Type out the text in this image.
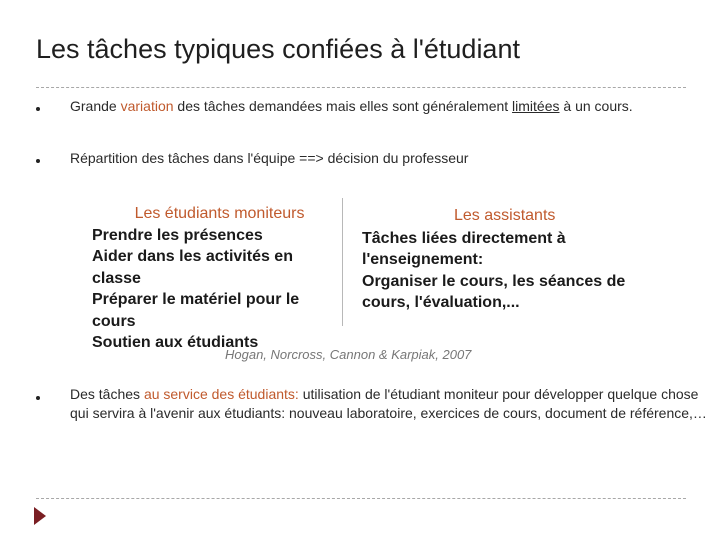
Les tâches typiques confiées à l'étudiant
Grande variation des tâches demandées mais elles sont généralement limitées à un cours.
Répartition des tâches dans l'équipe ==> décision du professeur
Les étudiants moniteurs
Prendre les présences
Aider dans les activités en classe
Préparer le matériel pour le cours
Soutien aux étudiants
Les assistants
Tâches liées directement à l'enseignement:
Organiser le cours, les séances de cours, l'évaluation,...
Hogan, Norcross, Cannon & Karpiak, 2007
Des tâches au service des étudiants: utilisation de l'étudiant moniteur pour développer quelque chose qui servira à l'avenir aux étudiants: nouveau laboratoire, exercices de cours, document de référence,…
